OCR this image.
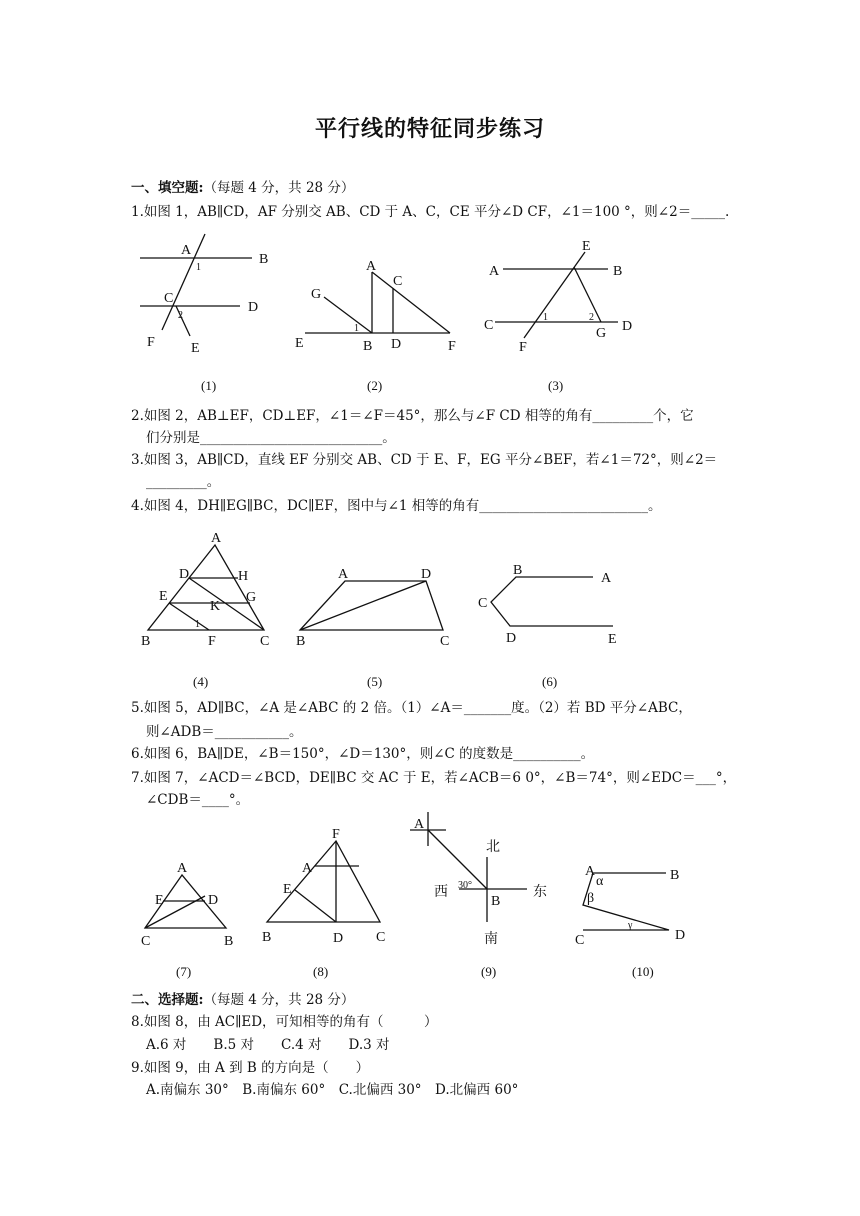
平行线的特征同步练习
一、填空题:（每题 4 分，共 28 分）
1.如图 1，AB∥CD，AF 分别交 AB、CD 于 A、C，CE 平分∠D CF，∠1＝100 °，则∠2＝_____.
A
B
C
D
E
F
1
2
A
B
C
D
E	F
G
1
E
A	B
C	D
F
G
1	2
(1)	(2)	(3)
2.如图 2，AB⊥EF，CD⊥EF，∠1＝∠F＝45°，那么与∠F CD 相等的角有_________个，它
们分别是___________________________。
3.如图 3，AB∥CD，直线 EF 分别交 AB、CD 于 E、F，EG 平分∠BEF，若∠1＝72°，则∠2＝
_________。
4.如图 4，DH∥EG∥BC，DC∥EF，图中与∠1 相等的角有_________________________。
A
D	H
E	G
K
B	F	C
1
A	D
B	C
B
A
C
D	E
(4)	(5)	(6)
5.如图 5，AD∥BC，∠A 是∠ABC 的 2 倍。（1）∠A＝_______度。（2）若 BD 平分∠ABC，
则∠ADB＝___________。
6.如图 6，BA∥DE，∠B＝150°，∠D＝130°，则∠C 的度数是__________。
7.如图 7，∠ACD＝∠BCD，DE∥BC 交 AC 于 E，若∠ACB＝6 0°，∠B＝74°，则∠EDC＝___°，
∠CDB＝____°。
A
E	D
C	B
F
A
E
B	D C
A
北
西	东
B
南
30°
A	B
C	D
α
β
γ
(7)	(8)	(9)	(10)
二、选择题:（每题 4 分，共 28 分）
8.如图 8，由 AC∥ED，可知相等的角有（　　　）
A.6 对　　B.5 对　　C.4 对　　D.3 对
9.如图 9，由 A 到 B 的方向是（　　）
A.南偏东 30°　B.南偏东 60°　C.北偏西 30°　D.北偏西 60°
